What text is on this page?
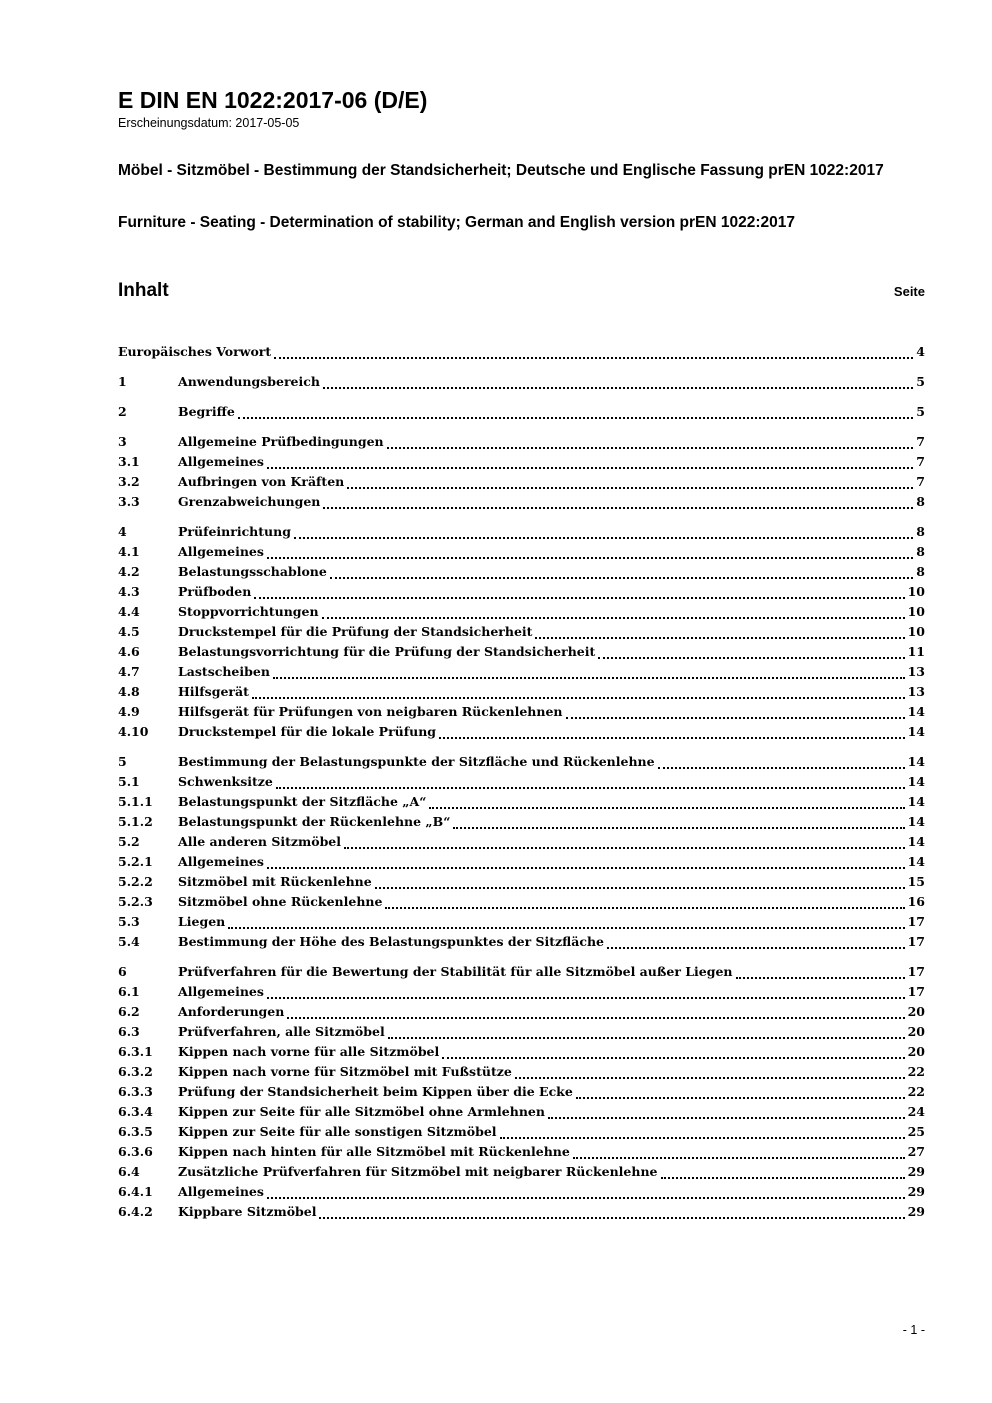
E DIN EN 1022:2017-06 (D/E)
Erscheinungsdatum: 2017-05-05
Möbel - Sitzmöbel - Bestimmung der Standsicherheit; Deutsche und Englische Fassung prEN 1022:2017
Furniture - Seating - Determination of stability; German and English version prEN 1022:2017
Inhalt	Seite
Europäisches Vorwort	4
1	Anwendungsbereich	5
2	Begriffe	5
3	Allgemeine Prüfbedingungen	7
3.1	Allgemeines	7
3.2	Aufbringen von Kräften	7
3.3	Grenzabweichungen	8
4	Prüfeinrichtung	8
4.1	Allgemeines	8
4.2	Belastungsschablone	8
4.3	Prüfboden	10
4.4	Stoppvorrichtungen	10
4.5	Druckstempel für die Prüfung der Standsicherheit	10
4.6	Belastungsvorrichtung für die Prüfung der Standsicherheit	11
4.7	Lastscheiben	13
4.8	Hilfsgerät	13
4.9	Hilfsgerät für Prüfungen von neigbaren Rückenlehnen	14
4.10	Druckstempel für die lokale Prüfung	14
5	Bestimmung der Belastungspunkte der Sitzfläche und Rückenlehne	14
5.1	Schwenksitze	14
5.1.1	Belastungspunkt der Sitzfläche „A“	14
5.1.2	Belastungspunkt der Rückenlehne „B“	14
5.2	Alle anderen Sitzmöbel	14
5.2.1	Allgemeines	14
5.2.2	Sitzmöbel mit Rückenlehne	15
5.2.3	Sitzmöbel ohne Rückenlehne	16
5.3	Liegen	17
5.4	Bestimmung der Höhe des Belastungspunktes der Sitzfläche	17
6	Prüfverfahren für die Bewertung der Stabilität für alle Sitzmöbel außer Liegen	17
6.1	Allgemeines	17
6.2	Anforderungen	20
6.3	Prüfverfahren, alle Sitzmöbel	20
6.3.1	Kippen nach vorne für alle Sitzmöbel	20
6.3.2	Kippen nach vorne für Sitzmöbel mit Fußstütze	22
6.3.3	Prüfung der Standsicherheit beim Kippen über die Ecke	22
6.3.4	Kippen zur Seite für alle Sitzmöbel ohne Armlehnen	24
6.3.5	Kippen zur Seite für alle sonstigen Sitzmöbel	25
6.3.6	Kippen nach hinten für alle Sitzmöbel mit Rückenlehne	27
6.4	Zusätzliche Prüfverfahren für Sitzmöbel mit neigbarer Rückenlehne	29
6.4.1	Allgemeines	29
6.4.2	Kippbare Sitzmöbel	29
- 1 -
